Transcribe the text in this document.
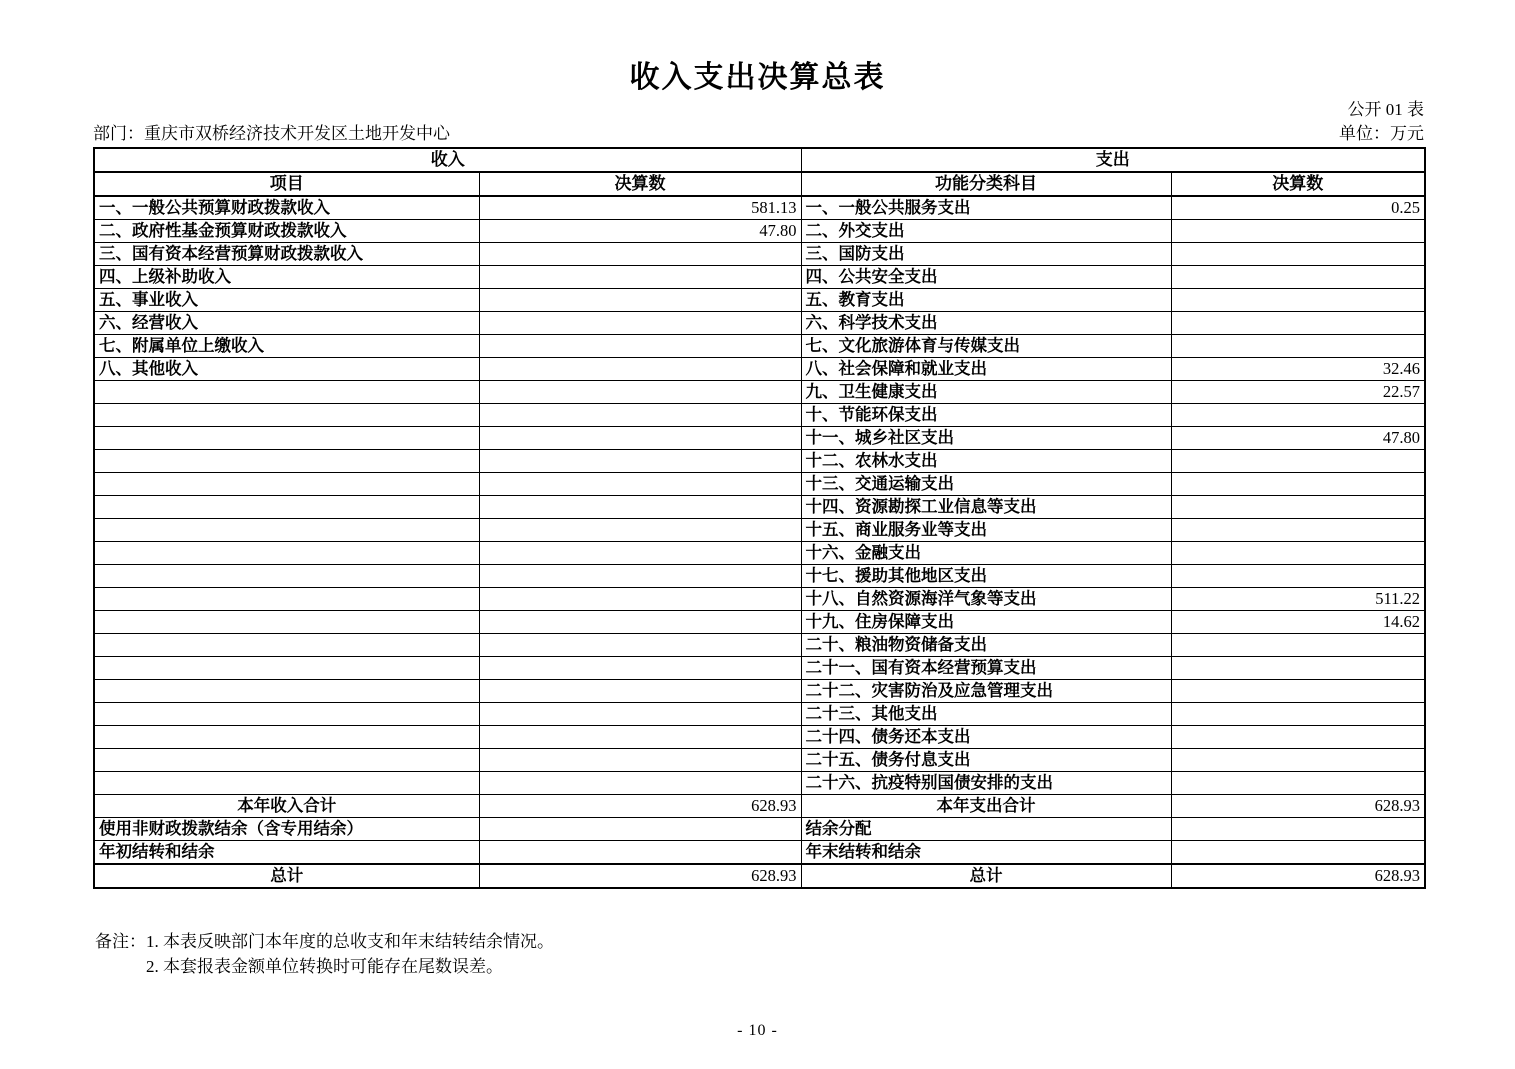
收入支出决算总表
公开 01 表
部门：重庆市双桥经济技术开发区土地开发中心	单位：万元
收入		支出	
项目	决算数	功能分类科目	决算数
一、一般公共预算财政拨款收入	581.13	一、一般公共服务支出	0.25
二、政府性基金预算财政拨款收入	47.80	二、外交支出	
三、国有资本经营预算财政拨款收入		三、国防支出	
四、上级补助收入		四、公共安全支出	
五、事业收入		五、教育支出	
六、经营收入		六、科学技术支出	
七、附属单位上缴收入		七、文化旅游体育与传媒支出	
八、其他收入		八、社会保障和就业支出	32.46
		九、卫生健康支出	22.57
		十、节能环保支出	
		十一、城乡社区支出	47.80
		十二、农林水支出	
		十三、交通运输支出	
		十四、资源勘探工业信息等支出	
		十五、商业服务业等支出	
		十六、金融支出	
		十七、援助其他地区支出	
		十八、自然资源海洋气象等支出	511.22
		十九、住房保障支出	14.62
		二十、粮油物资储备支出	
		二十一、国有资本经营预算支出	
		二十二、灾害防治及应急管理支出	
		二十三、其他支出	
		二十四、债务还本支出	
		二十五、债务付息支出	
		二十六、抗疫特别国债安排的支出	
本年收入合计	628.93	本年支出合计	628.93
使用非财政拨款结余（含专用结余）		结余分配	
年初结转和结余		年末结转和结余	
总计	628.93	总计	628.93
备注： 1. 本表反映部门本年度的总收支和年末结转结余情况。
2. 本套报表金额单位转换时可能存在尾数误差。
- 10 -
